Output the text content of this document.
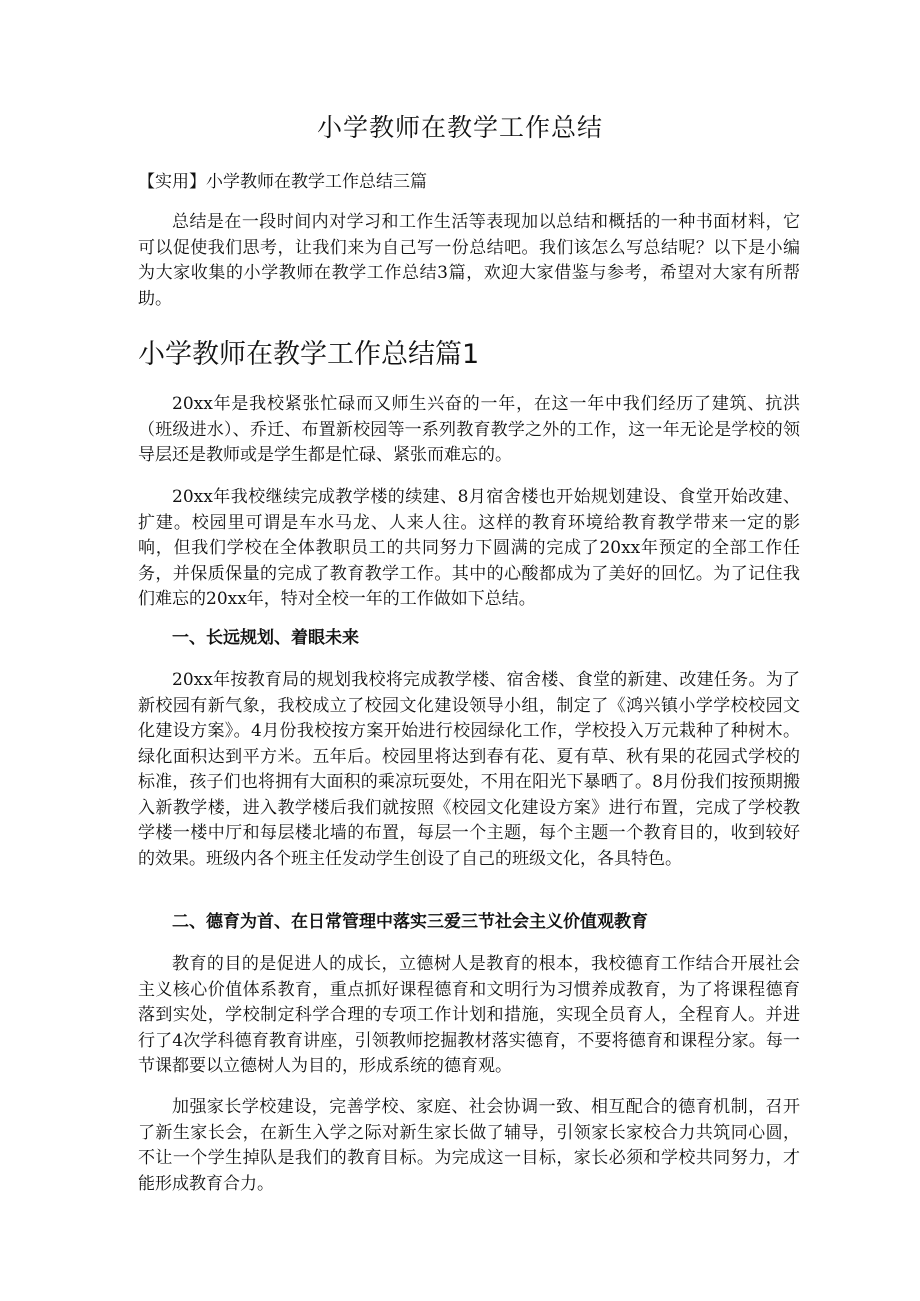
小学教师在教学工作总结

【实用】小学教师在教学工作总结三篇

总结是在一段时间内对学习和工作生活等表现加以总结和概括的一种书面材料，它可以促使我们思考，让我们来为自己写一份总结吧。我们该怎么写总结呢？以下是小编为大家收集的小学教师在教学工作总结3篇，欢迎大家借鉴与参考，希望对大家有所帮助。

小学教师在教学工作总结篇1

20xx年是我校紧张忙碌而又师生兴奋的一年，在这一年中我们经历了建筑、抗洪（班级进水）、乔迁、布置新校园等一系列教育教学之外的工作，这一年无论是学校的领导层还是教师或是学生都是忙碌、紧张而难忘的。

20xx年我校继续完成教学楼的续建、8月宿舍楼也开始规划建设、食堂开始改建、扩建。校园里可谓是车水马龙、人来人往。这样的教育环境给教育教学带来一定的影响，但我们学校在全体教职员工的共同努力下圆满的完成了20xx年预定的全部工作任务，并保质保量的完成了教育教学工作。其中的心酸都成为了美好的回忆。为了记住我们难忘的20xx年，特对全校一年的工作做如下总结。

一、长远规划、着眼未来

20xx年按教育局的规划我校将完成教学楼、宿舍楼、食堂的新建、改建任务。为了新校园有新气象，我校成立了校园文化建设领导小组，制定了《鸿兴镇小学学校校园文化建设方案》。4月份我校按方案开始进行校园绿化工作，学校投入万元栽种了种树木。绿化面积达到平方米。五年后。校园里将达到春有花、夏有草、秋有果的花园式学校的标准，孩子们也将拥有大面积的乘凉玩耍处，不用在阳光下暴晒了。8月份我们按预期搬入新教学楼，进入教学楼后我们就按照《校园文化建设方案》进行布置，完成了学校教学楼一楼中厅和每层楼北墙的布置，每层一个主题，每个主题一个教育目的，收到较好的效果。班级内各个班主任发动学生创设了自己的班级文化，各具特色。

二、德育为首、在日常管理中落实三爱三节社会主义价值观教育

教育的目的是促进人的成长，立德树人是教育的根本，我校德育工作结合开展社会主义核心价值体系教育，重点抓好课程德育和文明行为习惯养成教育，为了将课程德育落到实处，学校制定科学合理的专项工作计划和措施，实现全员育人，全程育人。并进行了4次学科德育教育讲座，引领教师挖掘教材落实德育，不要将德育和课程分家。每一节课都要以立德树人为目的，形成系统的德育观。

加强家长学校建设，完善学校、家庭、社会协调一致、相互配合的德育机制，召开了新生家长会，在新生入学之际对新生家长做了辅导，引领家长家校合力共筑同心圆，不让一个学生掉队是我们的教育目标。为完成这一目标，家长必须和学校共同努力，才能形成教育合力。
